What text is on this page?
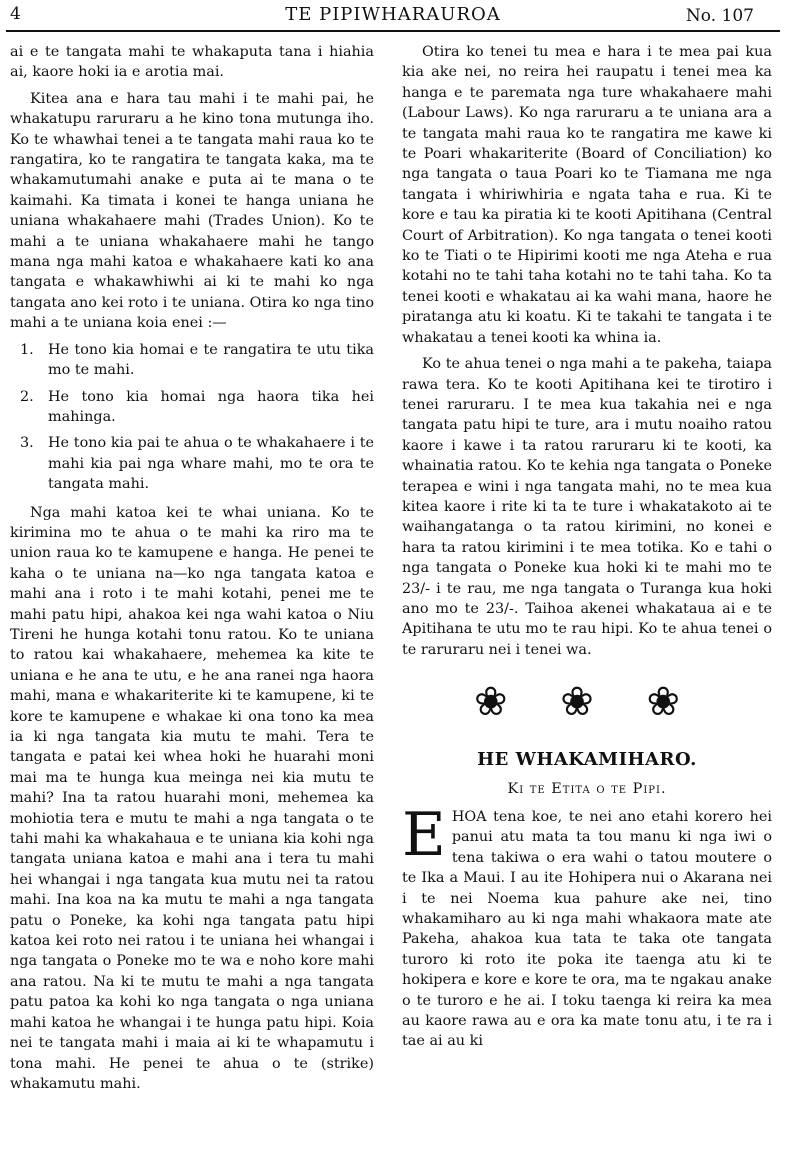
4	TE PIPIWHARAUROA	No. 107

ai e te tangata mahi te whakaputa tana i hiahia ai, kaore hoki ia e arotia mai.

Kitea ana e hara tau mahi i te mahi pai, he whakatupu raruraru a he kino tona mutunga iho. Ko te whawhai tenei a te tangata mahi raua ko te rangatira, ko te rangatira te tangata kaka, ma te whakamutumahi anake e puta ai te mana o te kaimahi. Ka timata i konei te hanga uniana he uniana whakahaere mahi (Trades Union). Ko te mahi a te uniana whakahaere mahi he tango mana nga mahi katoa e whakahaere kati ko ana tangata e whakawhiwhi ai ki te mahi ko nga tangata ano kei roto i te uniana. Otira ko nga tino mahi a te uniana koia enei :—

1. He tono kia homai e te rangatira te utu tika mo te mahi.
2. He tono kia homai nga haora tika hei mahinga.
3. He tono kia pai te ahua o te whakahaere i te mahi kia pai nga whare mahi, mo te ora te tangata mahi.

Nga mahi katoa kei te whai uniana. Ko te kirimina mo te ahua o te mahi ka riro ma te union raua ko te kamupene e hanga. He penei te kaha o te uniana na—ko nga tangata katoa e mahi ana i roto i te mahi kotahi, penei me te mahi patu hipi, ahakoa kei nga wahi katoa o Niu Tireni he hunga kotahi tonu ratou. Ko te uniana to ratou kai whakahaere, mehemea ka kite te uniana e he ana te utu, e he ana ranei nga haora mahi, mana e whakariterite ki te kamupene, ki te kore te kamupene e whakae ki ona tono ka mea ia ki nga tangata kia mutu te mahi. Tera te tangata e patai kei whea hoki he huarahi moni mai ma te hunga kua meinga nei kia mutu te mahi? Ina ta ratou huarahi moni, mehemea ka mohiotia tera e mutu te mahi a nga tangata o te tahi mahi ka whakahaua e te uniana kia kohi nga tangata uniana katoa e mahi ana i tera tu mahi hei whangai i nga tangata kua mutu nei ta ratou mahi. Ina koa na ka mutu te mahi a nga tangata patu o Poneke, ka kohi nga tangata patu hipi katoa kei roto nei ratou i te uniana hei whangai i nga tangata o Poneke mo te wa e noho kore mahi ana ratou. Na ki te mutu te mahi a nga tangata patu patoa ka kohi ko nga tangata o nga uniana mahi katoa he whangai i te hunga patu hipi. Koia nei te tangata mahi i maia ai ki te whapamutu i tona mahi. He penei te ahua o te (strike) whakamutu mahi.

Otira ko tenei tu mea e hara i te mea pai kua kia ake nei, no reira hei raupatu i tenei mea ka hanga e te paremata nga ture whakahaere mahi (Labour Laws). Ko nga raruraru a te uniana ara a te tangata mahi raua ko te rangatira me kawe ki te Poari whakariterite (Board of Conciliation) ko nga tangata o taua Poari ko te Tiamana me nga tangata i whiriwhiria e ngata taha e rua. Ki te kore e tau ka piratia ki te kooti Apitihana (Central Court of Arbitration). Ko nga tangata o tenei kooti ko te Tiati o te Hipirimi kooti me nga Ateha e rua kotahi no te tahi taha kotahi no te tahi taha. Ko ta tenei kooti e whakatau ai ka wahi mana, haore he piratanga atu ki koatu. Ki te takahi te tangata i te whakatau a tenei kooti ka whina ia.

Ko te ahua tenei o nga mahi a te pakeha, taiapa rawa tera. Ko te kooti Apitihana kei te tirotiro i tenei raruraru. I te mea kua takahia nei e nga tangata patu hipi te ture, ara i mutu noaiho ratou kaore i kawe i ta ratou raruraru ki te kooti, ka whainatia ratou. Ko te kehia nga tangata o Poneke terapea e wini i nga tangata mahi, no te mea kua kitea kaore i rite ki ta te ture i whakatakoto ai te waihangatanga o ta ratou kirimini, no konei e hara ta ratou kirimini i te mea totika. Ko e tahi o nga tangata o Poneke kua hoki ki te mahi mo te 23/- i te rau, me nga tangata o Turanga kua hoki ano mo te 23/-. Taihoa akenei whakataua ai e te Apitihana te utu mo te rau hipi. Ko te ahua tenei o te raruraru nei i tenei wa.

❀ ❀ ❀
HE WHAKAMIHARO.
Ki te Etita o te Pipi.

EHOA tena koe, te nei ano etahi korero hei panui atu mata ta tou manu ki nga iwi o tena takiwa o era wahi o tatou moutere o te Ika a Maui. I au ite Hohipera nui o Akarana nei i te nei Noema kua pahure ake nei, tino whakamiharo au ki nga mahi whakaora mate ate Pakeha, ahakoa kua tata te taka ote tangata turoro ki roto ite poka ite taenga atu ki te hokipera e kore e kore te ora, ma te ngakau anake o te turoro e he ai. I toku taenga ki reira ka mea au kaore rawa au e ora ka mate tonu atu, i te ra i tae ai au ki
